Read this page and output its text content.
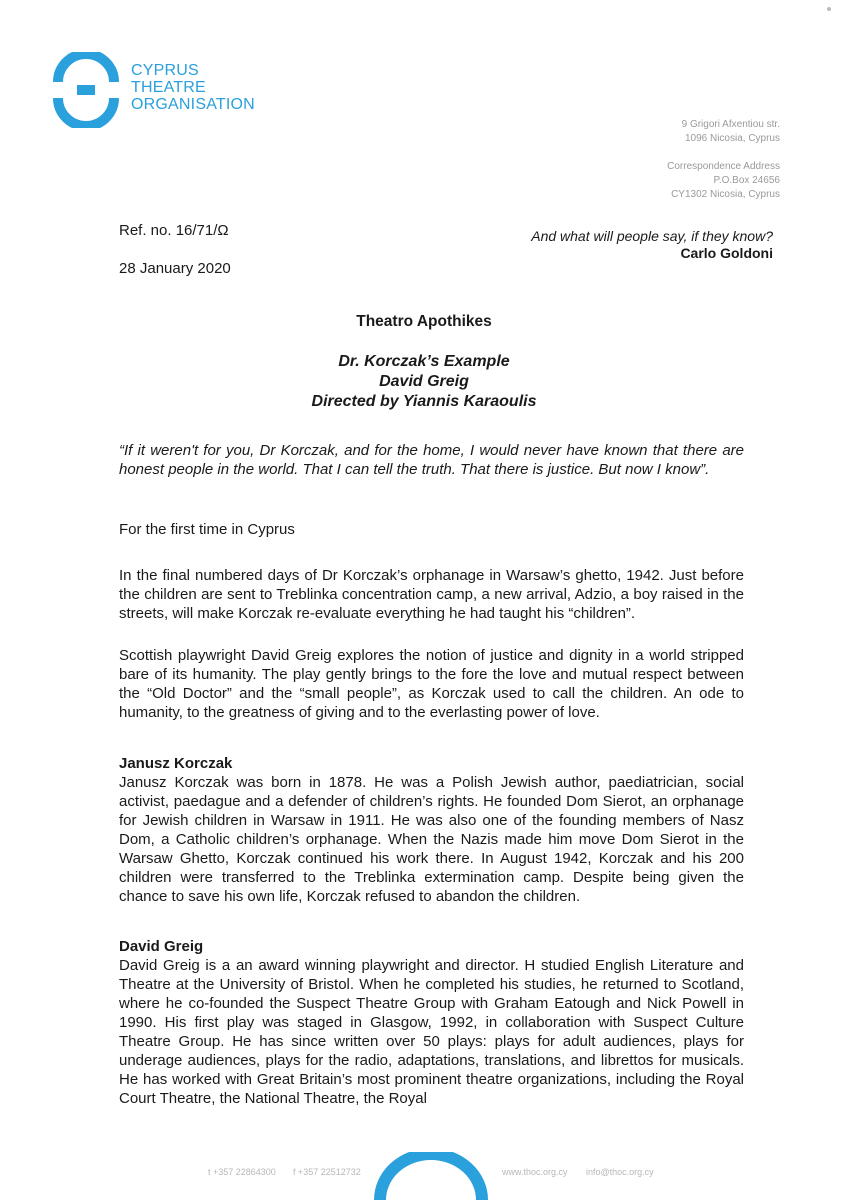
CYPRUS
THEATRE
ORGANISATION
9 Grigori Afxentiou str.
1096 Nicosia, Cyprus
Correspondence Address
P.O.Box 24656
CY1302 Nicosia, Cyprus
Ref. no. 16/71/Ω
28 January 2020
And what will people say, if they know?
Carlo Goldoni
Theatro Apothikes
Dr. Korczak’s Example
David Greig
Directed by Yiannis Karaoulis
“If it weren't for you, Dr Korczak, and for the home, I would never have known that there are honest people in the world. That I can tell the truth. That there is justice. But now I know”.
For the first time in Cyprus
In the final numbered days of Dr Korczak’s orphanage in Warsaw’s ghetto, 1942. Just before the children are sent to Treblinka concentration camp, a new arrival, Adzio, a boy raised in the streets, will make Korczak re-evaluate everything he had taught his “children”.
Scottish playwright David Greig explores the notion of justice and dignity in a world stripped bare of its humanity. The play gently brings to the fore the love and mutual respect between the “Old Doctor” and the “small people”, as Korczak used to call the children. An ode to humanity, to the greatness of giving and to the everlasting power of love.
Janusz Korczak
Janusz Korczak was born in 1878. He was a Polish Jewish author, paediatrician, social activist, paedague and a defender of children’s rights. He founded Dom Sierot, an orphanage for Jewish children in Warsaw in 1911. He was also one of the founding members of Nasz Dom, a Catholic children’s orphanage. When the Nazis made him move Dom Sierot in the Warsaw Ghetto, Korczak continued his work there. In August 1942, Korczak and his 200 children were transferred to the Treblinka extermination camp. Despite being given the chance to save his own life, Korczak refused to abandon the children.
David Greig
David Greig is a an award winning playwright and director. H studied English Literature and Theatre at the University of Bristol. When he completed his studies, he returned to Scotland, where he co-founded the Suspect Theatre Group with Graham Eatough and Nick Powell in 1990. His first play was staged in Glasgow, 1992, in collaboration with Suspect Culture Theatre Group. He has since written over 50 plays: plays for adult audiences, plays for underage audiences, plays for the radio, adaptations, translations, and librettos for musicals. He has worked with Great Britain’s most prominent theatre organizations, including the Royal Court Theatre, the National Theatre, the Royal
t +357 22864300 f +357 22512732	www.thoc.org.cy info@thoc.org.cy
